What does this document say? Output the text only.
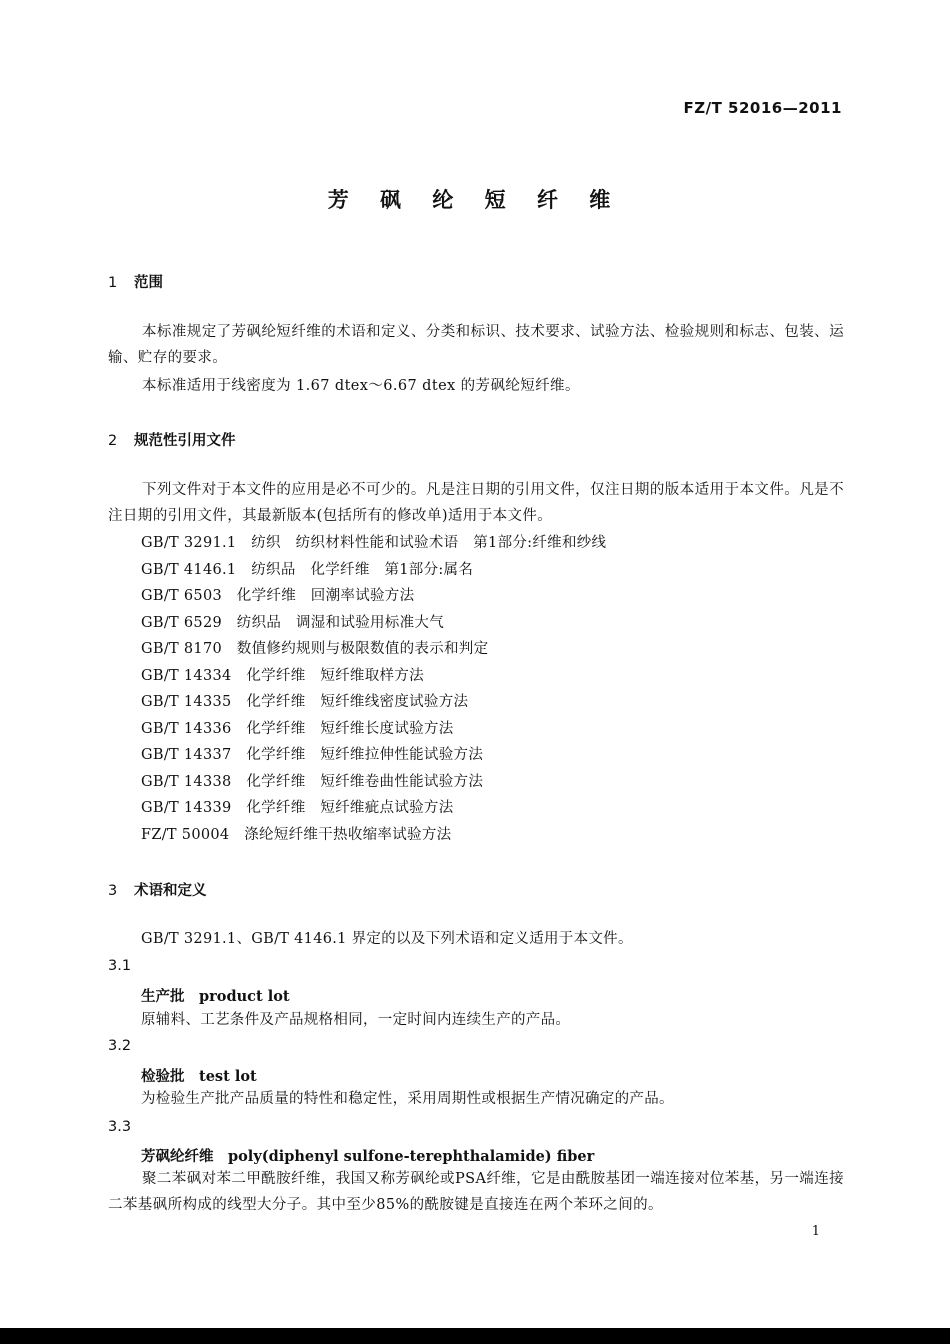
FZ/T 52016—2011
芳 砜 纶 短 纤 维
1 范围
本标准规定了芳砜纶短纤维的术语和定义、分类和标识、技术要求、试验方法、检验规则和标志、包装、运输、贮存的要求。
本标准适用于线密度为 1.67 dtex～6.67 dtex 的芳砜纶短纤维。
2 规范性引用文件
下列文件对于本文件的应用是必不可少的。凡是注日期的引用文件，仅注日期的版本适用于本文件。凡是不注日期的引用文件，其最新版本(包括所有的修改单)适用于本文件。
GB/T 3291.1　纺织　纺织材料性能和试验术语　第1部分:纤维和纱线
GB/T 4146.1　纺织品　化学纤维　第1部分:属名
GB/T 6503　化学纤维　回潮率试验方法
GB/T 6529　纺织品　调湿和试验用标准大气
GB/T 8170　数值修约规则与极限数值的表示和判定
GB/T 14334　化学纤维　短纤维取样方法
GB/T 14335　化学纤维　短纤维线密度试验方法
GB/T 14336　化学纤维　短纤维长度试验方法
GB/T 14337　化学纤维　短纤维拉伸性能试验方法
GB/T 14338　化学纤维　短纤维卷曲性能试验方法
GB/T 14339　化学纤维　短纤维疵点试验方法
FZ/T 50004　涤纶短纤维干热收缩率试验方法
3 术语和定义
GB/T 3291.1、GB/T 4146.1 界定的以及下列术语和定义适用于本文件。
3.1
生产批　product lot
原辅料、工艺条件及产品规格相同，一定时间内连续生产的产品。
3.2
检验批　test lot
为检验生产批产品质量的特性和稳定性，采用周期性或根据生产情况确定的产品。
3.3
芳砜纶纤维　poly(diphenyl sulfone-terephthalamide) fiber
聚二苯砜对苯二甲酰胺纤维，我国又称芳砜纶或PSA纤维，它是由酰胺基团一端连接对位苯基，另一端连接二苯基砜所构成的线型大分子。其中至少85%的酰胺键是直接连在两个苯环之间的。
1
